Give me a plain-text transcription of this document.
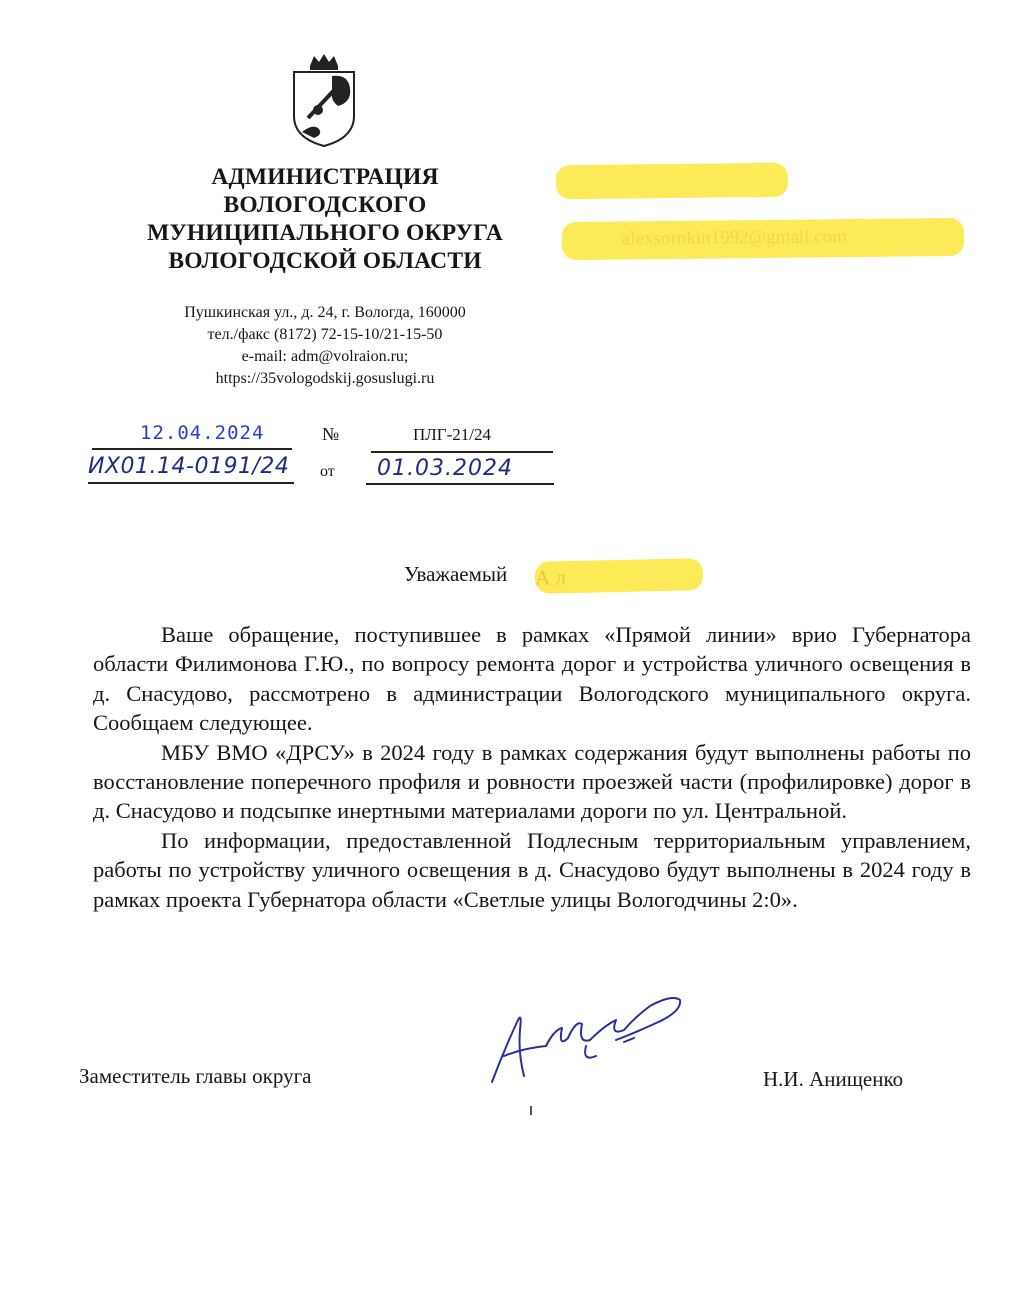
АДМИНИСТРАЦИЯ
ВОЛОГОДСКОГО
МУНИЦИПАЛЬНОГО ОКРУГА
ВОЛОГОДСКОЙ ОБЛАСТИ
Пушкинская ул., д. 24, г. Вологда, 160000
тел./факс (8172) 72-15-10/21-15-50
e-mail: adm@volraion.ru;
https://35vologodskij.gosuslugi.ru
alexsorokin1992@gmail.com
12.04.2024
ИХ01.14-0191/24
№	ПЛГ-21/24
от 01.03.2024
Уважаемый А л

Ваше обращение, поступившее в рамках «Прямой линии» врио Губернатора области Филимонова Г.Ю., по вопросу ремонта дорог и устройства уличного освещения в д. Снасудово, рассмотрено в администрации Вологодского муниципального округа. Сообщаем следующее.

МБУ ВМО «ДРСУ» в 2024 году в рамках содержания будут выполнены работы по восстановление поперечного профиля и ровности проезжей части (профилировке) дорог в д. Снасудово и подсыпке инертными материалами дороги по ул. Центральной.

По информации, предоставленной Подлесным территориальным управлением, работы по устройству уличного освещения в д. Снасудово будут выполнены в 2024 году в рамках проекта Губернатора области «Светлые улицы Вологодчины 2:0».

Заместитель главы округа	Н.И. Анищенко
